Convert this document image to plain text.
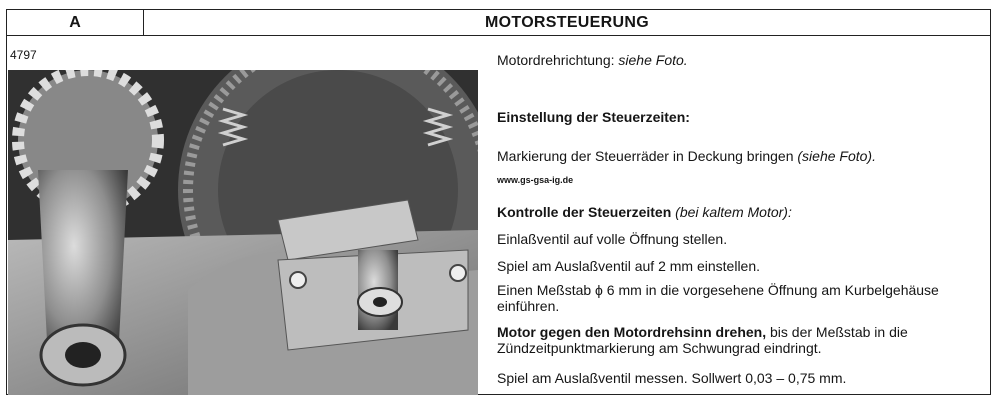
A	MOTORSTEUERUNG
4797	Motordrehrichtung: siehe Foto.
Einstellung der Steuerzeiten:
Markierung der Steuerräder in Deckung bringen (siehe Foto).
www.gs-gsa-ig.de
Kontrolle der Steuerzeiten (bei kaltem Motor):
Einlaßventil auf volle Öffnung stellen.
Spiel am Auslaßventil auf 2 mm einstellen.
Einen Meßstab ϕ 6 mm in die vorgesehene Öffnung am Kurbelgehäuse einführen.
Motor gegen den Motordrehsinn drehen, bis der Meßstab in die Zündzeitpunktmarkierung am Schwungrad eindringt.
Spiel am Auslaßventil messen. Sollwert 0,03 – 0,75 mm.
